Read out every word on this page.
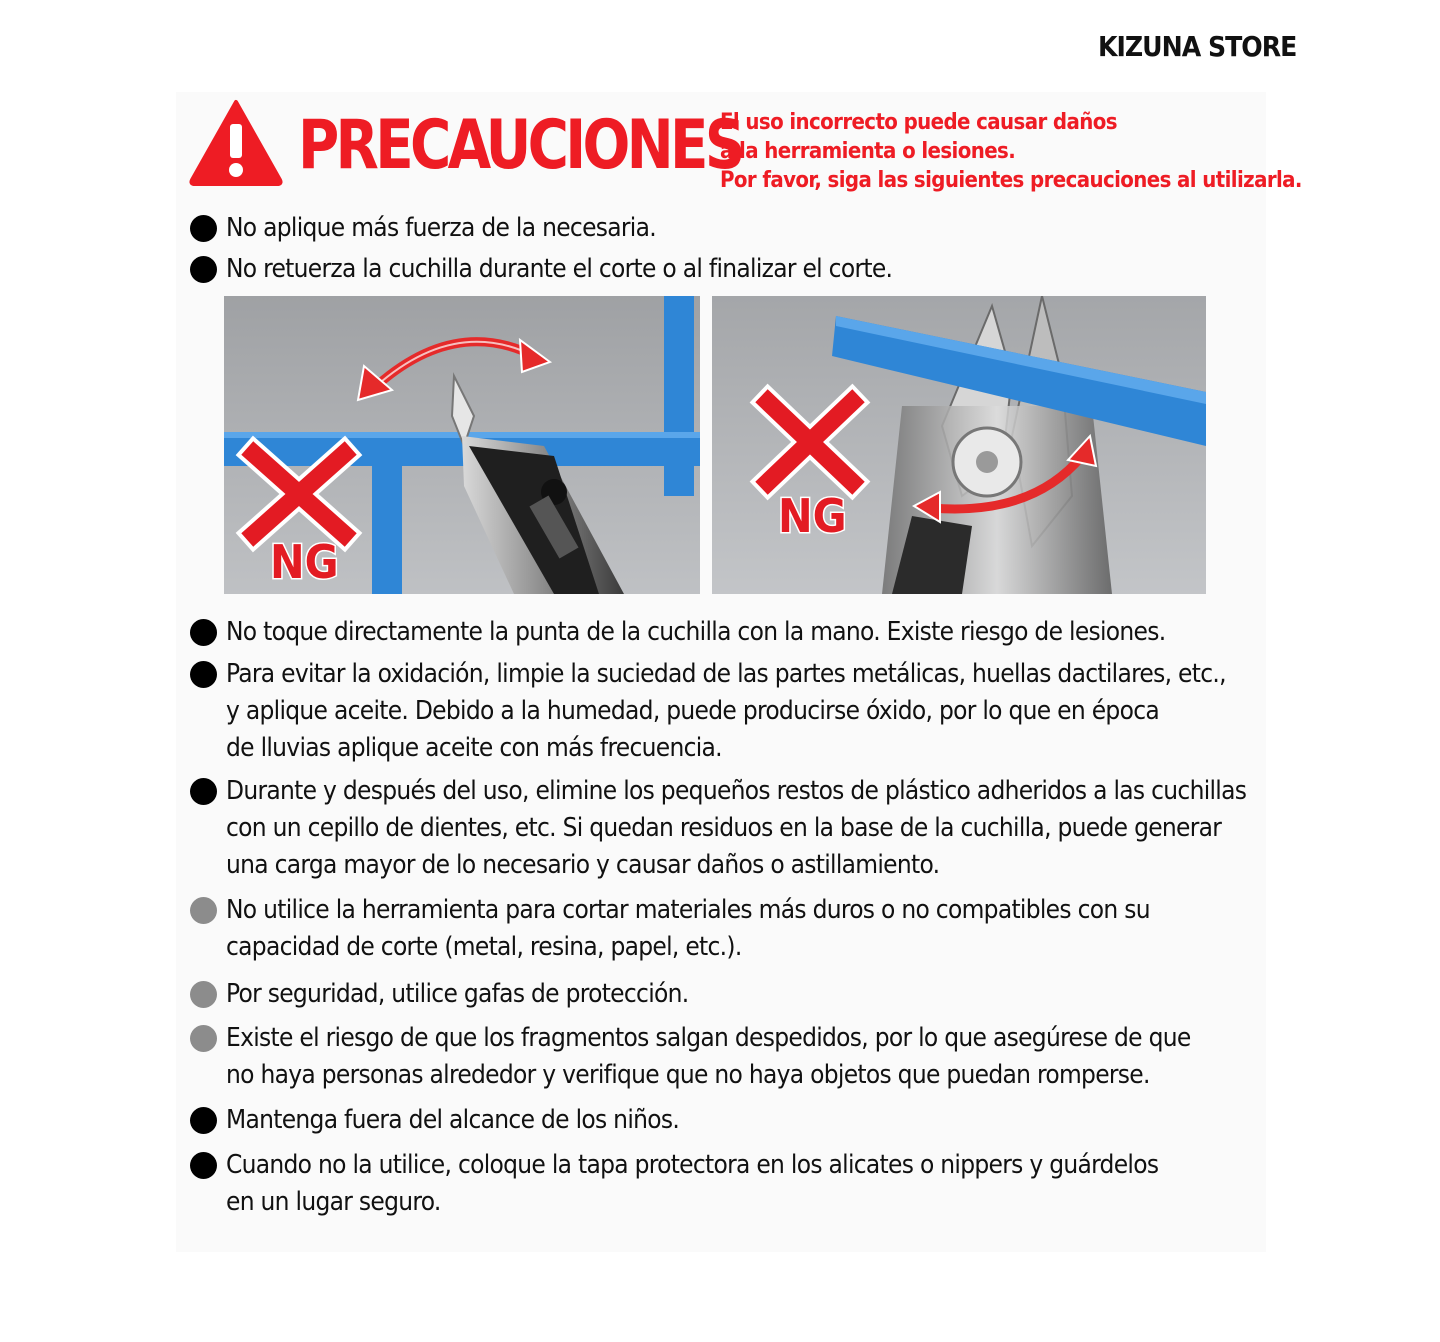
KIZUNA STORE
PRECAUCIONES
El uso incorrecto puede causar daños
a la herramienta o lesiones.
Por favor, siga las siguientes precauciones al utilizarla.
No aplique más fuerza de la necesaria.
No retuerza la cuchilla durante el corte o al finalizar el corte.
NG
NG
No toque directamente la punta de la cuchilla con la mano. Existe riesgo de lesiones.
Para evitar la oxidación, limpie la suciedad de las partes metálicas, huellas dactilares, etc.,
y aplique aceite. Debido a la humedad, puede producirse óxido, por lo que en época
de lluvias aplique aceite con más frecuencia.
Durante y después del uso, elimine los pequeños restos de plástico adheridos a las cuchillas
con un cepillo de dientes, etc. Si quedan residuos en la base de la cuchilla, puede generar
una carga mayor de lo necesario y causar daños o astillamiento.
No utilice la herramienta para cortar materiales más duros o no compatibles con su
capacidad de corte (metal, resina, papel, etc.).
Por seguridad, utilice gafas de protección.
Existe el riesgo de que los fragmentos salgan despedidos, por lo que asegúrese de que
no haya personas alrededor y verifique que no haya objetos que puedan romperse.
Mantenga fuera del alcance de los niños.
Cuando no la utilice, coloque la tapa protectora en los alicates o nippers y guárdelos
en un lugar seguro.
